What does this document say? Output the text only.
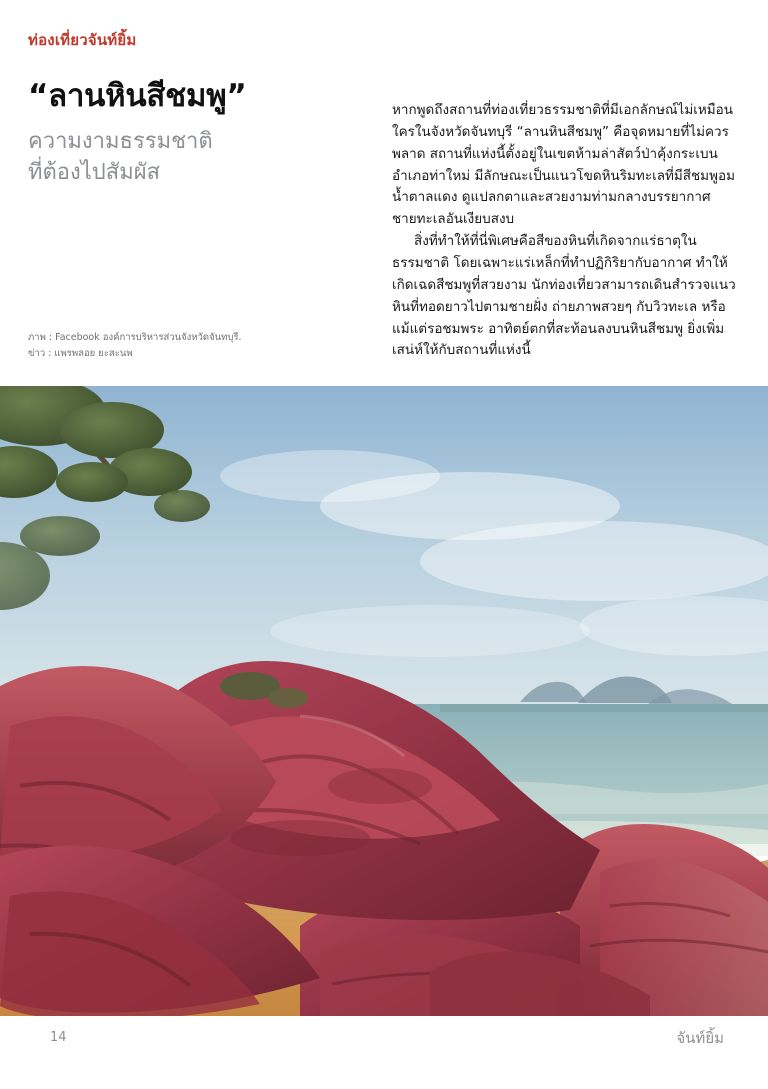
ท่องเที่ยวจันท์ยิ้ม
“ลานหินสีชมพู”

ความงามธรรมชาติ

ที่ต้องไปสัมผัส

ภาพ : Facebook องค์การบริหารส่วนจังหวัดจันทบุรี.
ข่าว : แพรพลอย ยะสะนพ

หากพูดถึงสถานที่ท่องเที่ยวธรรมชาติที่มีเอกลักษณ์ไม่เหมือนใครในจังหวัดจันทบุรี “ลานหินสีชมพู” คือจุดหมายที่ไม่ควรพลาด สถานที่แห่งนี้ตั้งอยู่ในเขตห้ามล่าสัตว์ป่าคุ้งกระเบน อำเภอท่าใหม่ มีลักษณะเป็นแนวโขดหินริมทะเลที่มีสีชมพูอมน้ำตาลแดง ดูแปลกตาและสวยงามท่ามกลางบรรยากาศชายทะเลอันเงียบสงบ

สิ่งที่ทำให้ที่นี่พิเศษคือสีของหินที่เกิดจากแร่ธาตุในธรรมชาติ โดยเฉพาะแร่เหล็กที่ทำปฏิกิริยากับอากาศ ทำให้เกิดเฉดสีชมพูที่สวยงาม นักท่องเที่ยวสามารถเดินสำรวจแนวหินที่ทอดยาวไปตามชายฝั่ง ถ่ายภาพสวยๆ กับวิวทะเล หรือแม้แต่รอชมพระ อาทิตย์ตกที่สะท้อนลงบนหินสีชมพู ยิ่งเพิ่มเสน่ห์ให้กับสถานที่แห่งนี้

14	จันท์ยิ้ม
